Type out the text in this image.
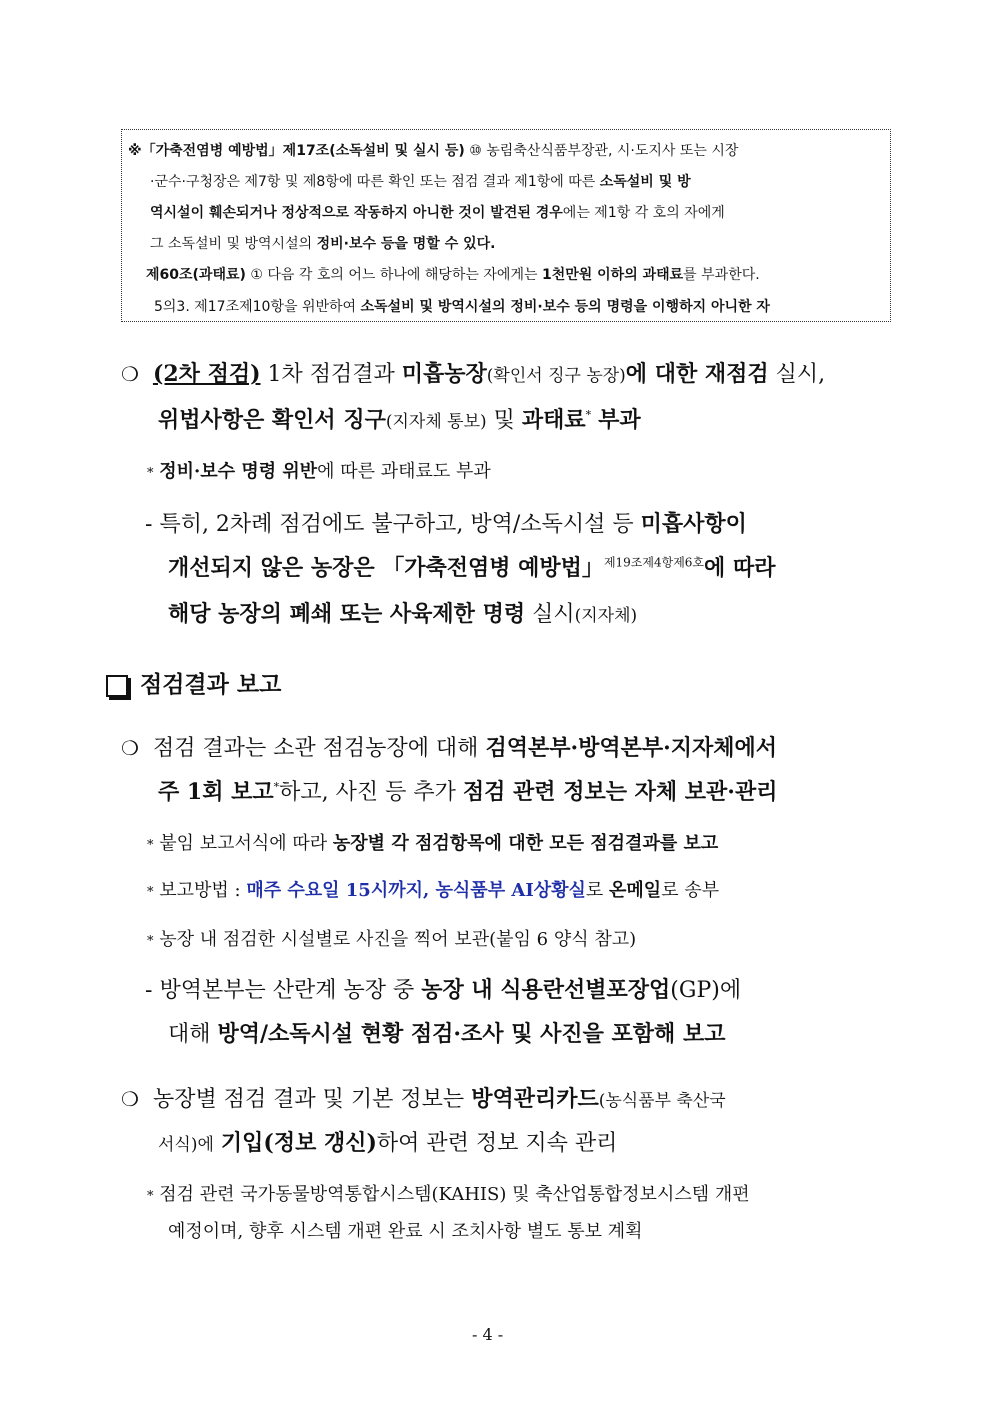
※「가축전염병 예방법」제17조(소독설비 및 실시 등) ⑩ 농림축산식품부장관, 시·도지사 또는 시장
·군수·구청장은 제7항 및 제8항에 따른 확인 또는 점검 결과 제1항에 따른 소독설비 및 방
역시설이 훼손되거나 정상적으로 작동하지 아니한 것이 발견된 경우에는 제1항 각 호의 자에게
그 소독설비 및 방역시설의 정비·보수 등을 명할 수 있다.
제60조(과태료) ① 다음 각 호의 어느 하나에 해당하는 자에게는 1천만원 이하의 과태료를 부과한다.
5의3. 제17조제10항을 위반하여 소독설비 및 방역시설의 정비·보수 등의 명령을 이행하지 아니한 자
❍ (2차 점검) 1차 점검결과 미흡농장(확인서 징구 농장)에 대한 재점검 실시,
위법사항은 확인서 징구(지자체 통보) 및 과태료* 부과
* 정비·보수 명령 위반에 따른 과태료도 부과
- 특히, 2차례 점검에도 불구하고, 방역/소독시설 등 미흡사항이
개선되지 않은 농장은 「가축전염병 예방법」$^{제19조제4항제6호}$에 따라
해당 농장의 폐쇄 또는 사육제한 명령 실시(지자체)
점검결과 보고
❍ 점검 결과는 소관 점검농장에 대해 검역본부·방역본부·지자체에서
주 1회 보고*하고, 사진 등 추가 점검 관련 정보는 자체 보관·관리
* 붙임 보고서식에 따라 농장별 각 점검항목에 대한 모든 점검결과를 보고
* 보고방법 : 매주 수요일 15시까지, 농식품부 AI상황실로 온메일로 송부
* 농장 내 점검한 시설별로 사진을 찍어 보관(붙임 6 양식 참고)
- 방역본부는 산란계 농장 중 농장 내 식용란선별포장업(GP)에
대해 방역/소독시설 현황 점검·조사 및 사진을 포함해 보고
❍ 농장별 점검 결과 및 기본 정보는 방역관리카드(농식품부 축산국
서식)에 기입(정보 갱신)하여 관련 정보 지속 관리
* 점검 관련 국가동물방역통합시스템(KAHIS) 및 축산업통합정보시스템 개편
예정이며, 향후 시스템 개편 완료 시 조치사항 별도 통보 계획
- 4 -
